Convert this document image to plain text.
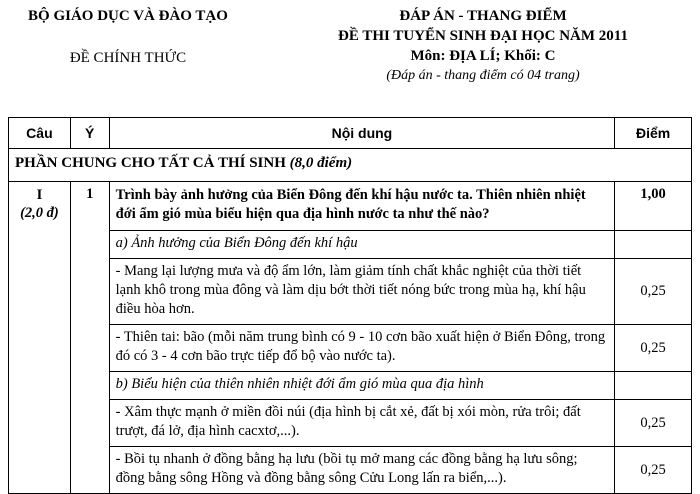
BỘ GIÁO DỤC VÀ ĐÀO TẠO
ĐỀ CHÍNH THỨC
ĐÁP ÁN - THANG ĐIỂM
ĐỀ THI TUYỂN SINH ĐẠI HỌC NĂM 2011
Môn: ĐỊA LÍ; Khối: C
(Đáp án - thang điểm có 04 trang)
Câu	Ý	Nội dung	Điểm
PHẦN CHUNG CHO TẤT CẢ THÍ SINH (8,0 điểm)
I
(2,0 đ)
	1	Trình bày ảnh hưởng của Biển Đông đến khí hậu nước ta. Thiên nhiên nhiệt đới ẩm gió mùa biểu hiện qua địa hình nước ta như thế nào?	1,00

a) Ảnh hưởng của Biển Đông đến khí hậu	
- Mang lại lượng mưa và độ ẩm lớn, làm giảm tính chất khắc nghiệt của thời tiết lạnh khô trong mùa đông và làm dịu bớt thời tiết nóng bức trong mùa hạ, khí hậu điều hòa hơn.	0,25
- Thiên tai: bão (mỗi năm trung bình có 9 - 10 cơn bão xuất hiện ở Biển Đông, trong đó có 3 - 4 cơn bão trực tiếp đổ bộ vào nước ta).	0,25
b) Biểu hiện của thiên nhiên nhiệt đới ẩm gió mùa qua địa hình	
- Xâm thực mạnh ở miền đồi núi (địa hình bị cắt xẻ, đất bị xói mòn, rửa trôi; đất trượt, đá lở, địa hình cacxtơ,...).	0,25
- Bồi tụ nhanh ở đồng bằng hạ lưu (bồi tụ mở mang các đồng bằng hạ lưu sông; đồng bằng sông Hồng và đồng bằng sông Cửu Long lấn ra biển,...).	0,25
